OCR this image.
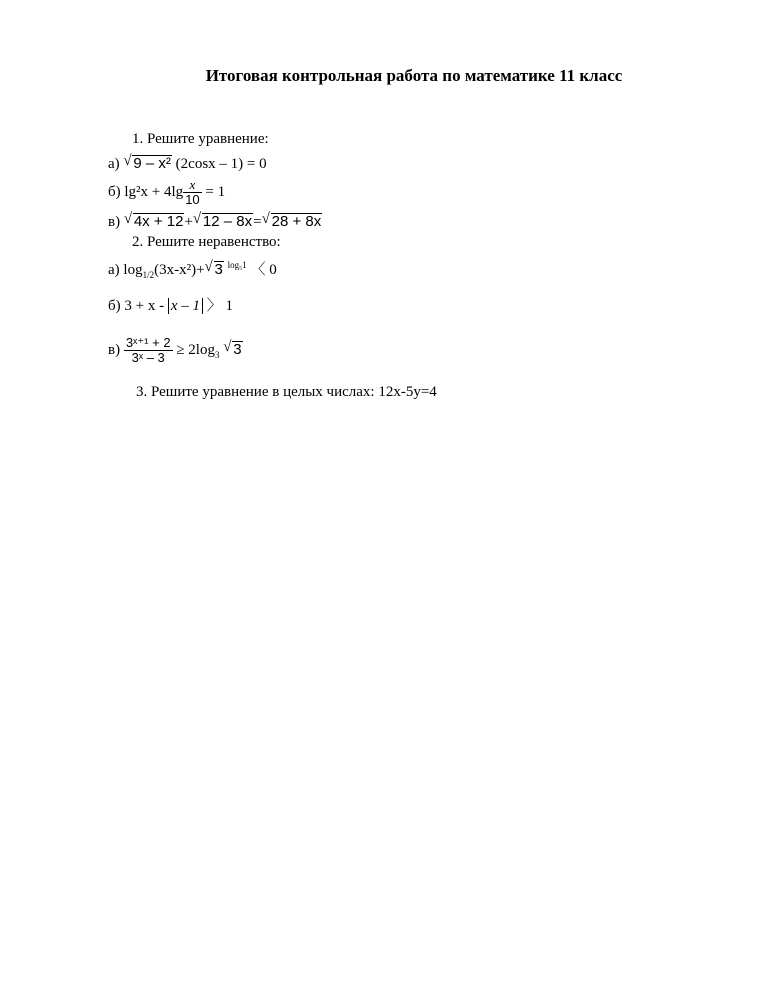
Итоговая контрольная работа по математике 11 класс
1. Решите уравнение:
а) √ 9 – x² (2cosx – 1) = 0
б) $\lg^2x + 4\lg \frac{x}{10} = 1$
в) √ 4x + 12+ √ 12 – 8x= √ 28 + 8x
2. Решите неравенство:
а) $\log_{1/2}(3x-x^2)+$ √ 3 $^{log_51}$ 〈 0
б) 3 + x - x – 1 〉 1
$в) \frac{\text{3ˣ⁺¹ + 2}}{\text{3ˣ – 3}} \ge 2\log_3$ √ 3
3. Решите уравнение в целых числах: 12x-5y=4
